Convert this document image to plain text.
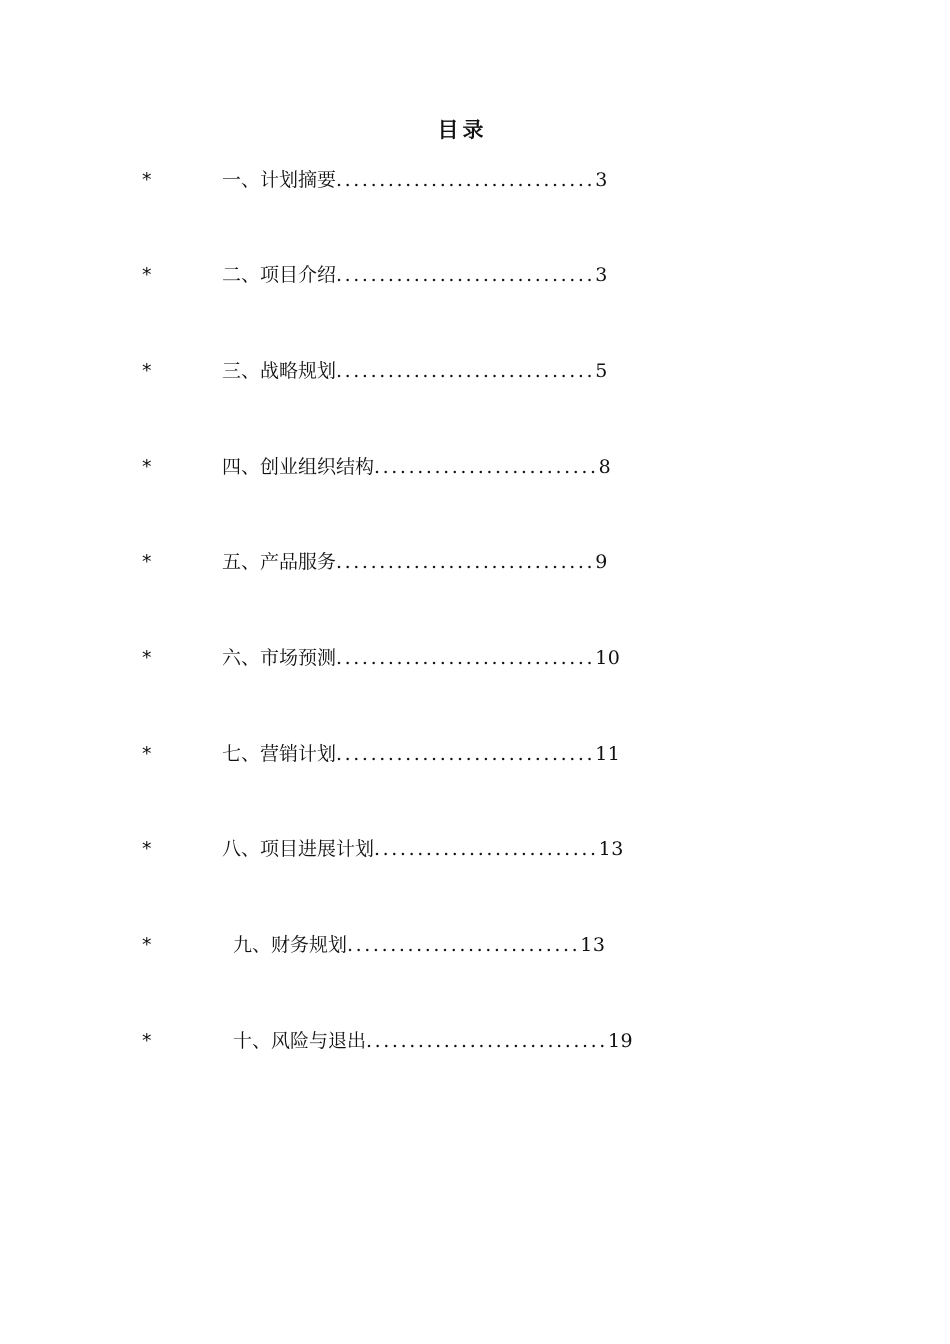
目录
*	一、计划摘要..............................3
*	二、项目介绍..............................3
*	三、战略规划..............................5
*	四、创业组织结构..........................8
*	五、产品服务..............................9
*	六、市场预测..............................10
*	七、营销计划..............................11
*	八、项目进展计划..........................13
*	九、财务规划...........................13
*	十、风险与退出............................19
